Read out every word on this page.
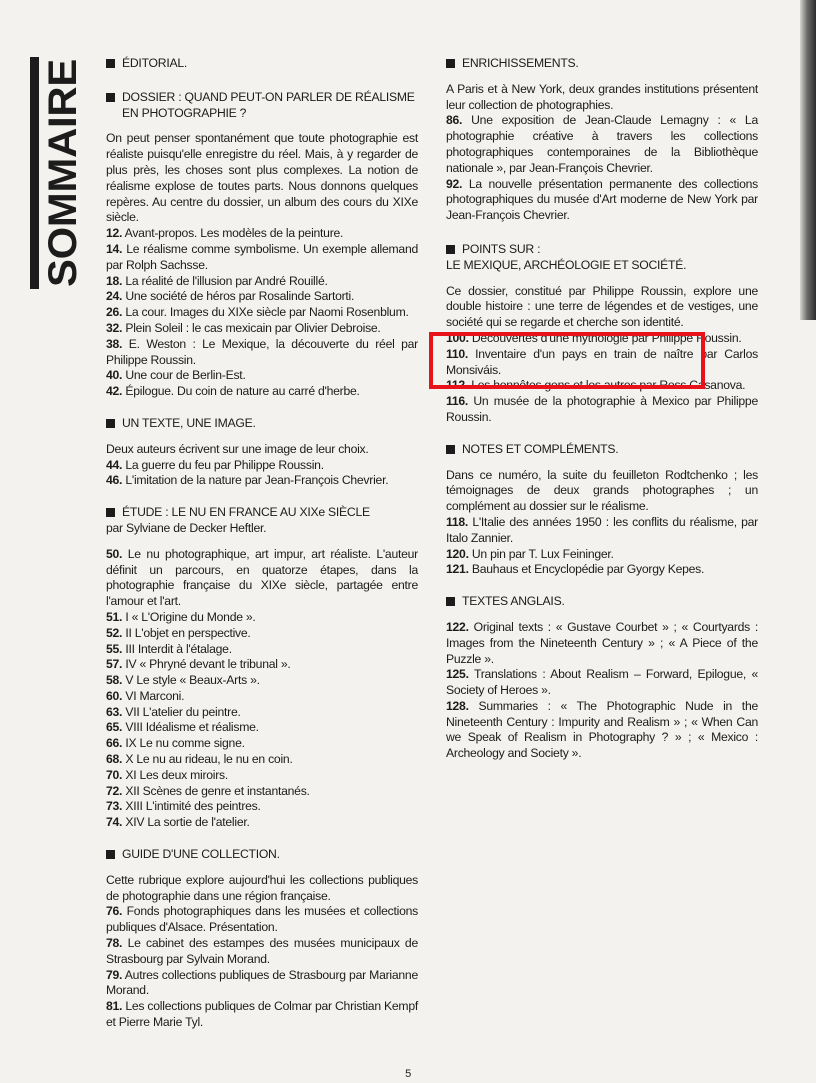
SOMMAIRE
ÉDITORIAL.
DOSSIER : QUAND PEUT-ON PARLER DE RÉALISME EN PHOTOGRAPHIE ?

On peut penser spontanément que toute photographie est réaliste puisqu'elle enregistre du réel. Mais, à y regarder de plus près, les choses sont plus complexes. La notion de réalisme explose de toutes parts. Nous donnons quelques repères. Au centre du dossier, un album des cours du XIXe siècle.

12. Avant-propos. Les modèles de la peinture.

14. Le réalisme comme symbolisme. Un exemple allemand par Rolph Sachsse.

18. La réalité de l'illusion par André Rouillé.

24. Une société de héros par Rosalinde Sartorti.

26. La cour. Images du XIXe siècle par Naomi Rosenblum.

32. Plein Soleil : le cas mexicain par Olivier Debroise.

38. E. Weston : Le Mexique, la découverte du réel par Philippe Roussin.

40. Une cour de Berlin-Est.

42. Épilogue. Du coin de nature au carré d'herbe.

UN TEXTE, UNE IMAGE.

Deux auteurs écrivent sur une image de leur choix.

44. La guerre du feu par Philippe Roussin.

46. L'imitation de la nature par Jean-François Chevrier.

ÉTUDE : LE NU EN FRANCE AU XIXe SIÈCLE

par Sylviane de Decker Heftler.

50. Le nu photographique, art impur, art réaliste. L'auteur définit un parcours, en quatorze étapes, dans la photographie française du XIXe siècle, partagée entre l'amour et l'art.

51. I « L'Origine du Monde ».

52. II L'objet en perspective.

55. III Interdit à l'étalage.

57. IV « Phryné devant le tribunal ».

58. V Le style « Beaux-Arts ».

60. VI Marconi.

63. VII L'atelier du peintre.

65. VIII Idéalisme et réalisme.

66. IX Le nu comme signe.

68. X Le nu au rideau, le nu en coin.

70. XI Les deux miroirs.

72. XII Scènes de genre et instantanés.

73. XIII L'intimité des peintres.

74. XIV La sortie de l'atelier.

GUIDE D'UNE COLLECTION.

Cette rubrique explore aujourd'hui les collections publiques de photographie dans une région française.

76. Fonds photographiques dans les musées et collections publiques d'Alsace. Présentation.

78. Le cabinet des estampes des musées municipaux de Strasbourg par Sylvain Morand.

79. Autres collections publiques de Strasbourg par Marianne Morand.

81. Les collections publiques de Colmar par Christian Kempf et Pierre Marie Tyl.

ENRICHISSEMENTS.

A Paris et à New York, deux grandes institutions présentent leur collection de photographies.

86. Une exposition de Jean-Claude Lemagny : « La photographie créative à travers les collections photographiques contemporaines de la Bibliothèque nationale », par Jean-François Chevrier.

92. La nouvelle présentation permanente des collections photographiques du musée d'Art moderne de New York par Jean-François Chevrier.

POINTS SUR :

LE MEXIQUE, ARCHÉOLOGIE ET SOCIÉTÉ.

Ce dossier, constitué par Philippe Roussin, explore une double histoire : une terre de légendes et de vestiges, une société qui se regarde et cherche son identité.

100. Découvertes d'une mythologie par Philippe Roussin.

110. Inventaire d'un pays en train de naître par Carlos Monsiváis.

112. Les honnêtes gens et les autres par Ross Casanova.

116. Un musée de la photographie à Mexico par Philippe Roussin.

NOTES ET COMPLÉMENTS.

Dans ce numéro, la suite du feuilleton Rodtchenko ; les témoignages de deux grands photographes ; un complément au dossier sur le réalisme.

118. L'Italie des années 1950 : les conflits du réalisme, par Italo Zannier.

120. Un pin par T. Lux Feininger.

121. Bauhaus et Encyclopédie par Gyorgy Kepes.

TEXTES ANGLAIS.

122. Original texts : « Gustave Courbet » ; « Courtyards : Images from the Nineteenth Century » ; « A Piece of the Puzzle ».

125. Translations : About Realism – Forward, Epilogue, « Society of Heroes ».

128. Summaries : « The Photographic Nude in the Nineteenth Century : Impurity and Realism » ; « When Can we Speak of Realism in Photography ? » ; « Mexico : Archeology and Society ».

5
